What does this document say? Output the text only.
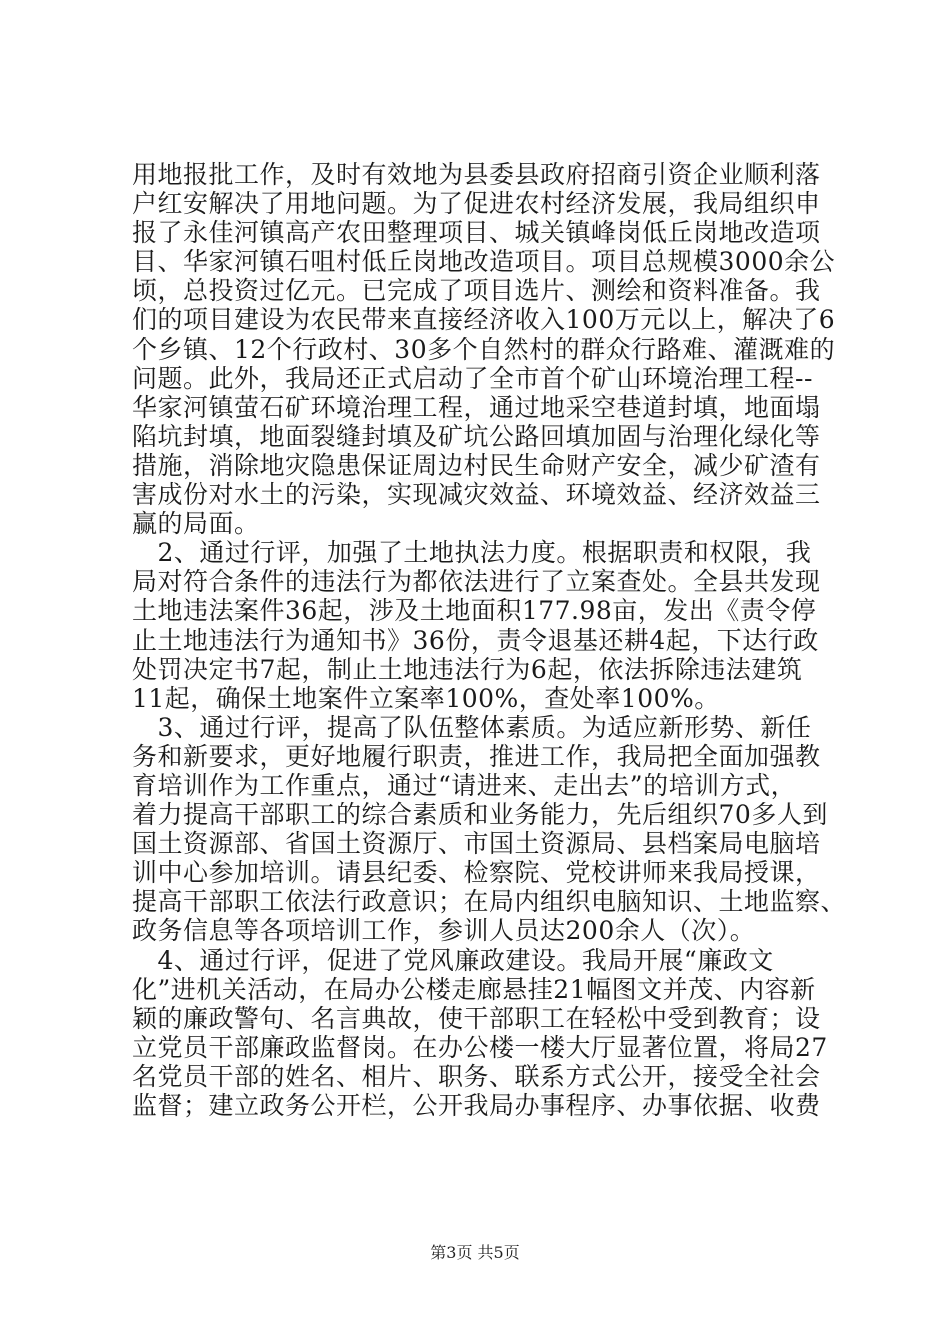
用地报批工作，及时有效地为县委县政府招商引资企业顺利落
户红安解决了用地问题。为了促进农村经济发展，我局组织申
报了永佳河镇高产农田整理项目、城关镇峰岗低丘岗地改造项
目、华家河镇石咀村低丘岗地改造项目。项目总规模3000余公
顷，总投资过亿元。已完成了项目选片、测绘和资料准备。我
们的项目建设为农民带来直接经济收入100万元以上，解决了6
个乡镇、12个行政村、30多个自然村的群众行路难、灌溉难的
问题。此外，我局还正式启动了全市首个矿山环境治理工程--
华家河镇萤石矿环境治理工程，通过地采空巷道封填，地面塌
陷坑封填，地面裂缝封填及矿坑公路回填加固与治理化绿化等
措施，消除地灾隐患保证周边村民生命财产安全，减少矿渣有
害成份对水土的污染，实现减灾效益、环境效益、经济效益三
赢的局面。
　2、通过行评，加强了土地执法力度。根据职责和权限，我
局对符合条件的违法行为都依法进行了立案查处。全县共发现
土地违法案件36起，涉及土地面积177.98亩，发出《责令停
止土地违法行为通知书》36份，责令退基还耕4起，下达行政
处罚决定书7起，制止土地违法行为6起，依法拆除违法建筑
11起，确保土地案件立案率100%，查处率100%。
　3、通过行评，提高了队伍整体素质。为适应新形势、新任
务和新要求，更好地履行职责，推进工作，我局把全面加强教
育培训作为工作重点，通过“请进来、走出去”的培训方式，
着力提高干部职工的综合素质和业务能力，先后组织70多人到
国土资源部、省国土资源厅、市国土资源局、县档案局电脑培
训中心参加培训。请县纪委、检察院、党校讲师来我局授课，
提高干部职工依法行政意识；在局内组织电脑知识、土地监察、
政务信息等各项培训工作，参训人员达200余人（次）。
　4、通过行评，促进了党风廉政建设。我局开展“廉政文
化”进机关活动，在局办公楼走廊悬挂21幅图文并茂、内容新
颖的廉政警句、名言典故，使干部职工在轻松中受到教育；设
立党员干部廉政监督岗。在办公楼一楼大厅显著位置，将局27
名党员干部的姓名、相片、职务、联系方式公开，接受全社会
监督；建立政务公开栏，公开我局办事程序、办事依据、收费
第3页 共5页
